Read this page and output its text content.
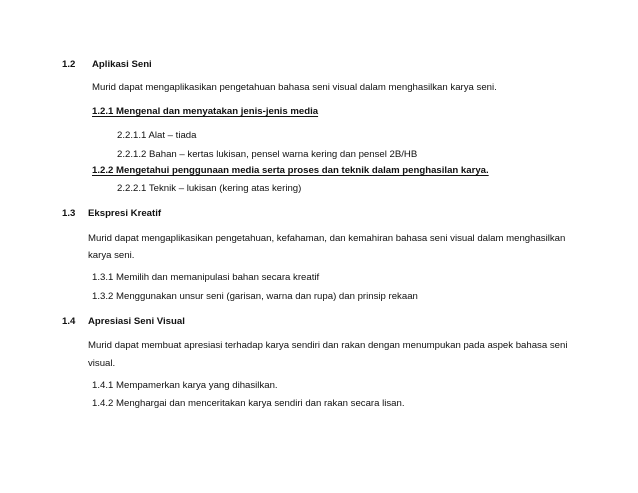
1.2 Aplikasi Seni
Murid dapat mengaplikasikan pengetahuan bahasa seni visual dalam menghasilkan karya seni.
1.2.1 Mengenal dan menyatakan jenis-jenis media
2.2.1.1 Alat – tiada
2.2.1.2 Bahan – kertas lukisan, pensel warna kering dan pensel 2B/HB
1.2.2 Mengetahui penggunaan media serta proses dan teknik dalam penghasilan karya.
2.2.2.1 Teknik – lukisan (kering atas kering)
1.3 Ekspresi Kreatif
Murid dapat mengaplikasikan pengetahuan, kefahaman, dan kemahiran bahasa seni visual dalam menghasilkan
karya seni.
1.3.1 Memilih dan memanipulasi bahan secara kreatif
1.3.2 Menggunakan unsur seni (garisan, warna dan rupa) dan prinsip rekaan
1.4 Apresiasi Seni Visual
Murid dapat membuat apresiasi terhadap karya sendiri dan rakan dengan menumpukan pada aspek bahasa seni
visual.
1.4.1 Mempamerkan karya yang dihasilkan.
1.4.2 Menghargai dan menceritakan karya sendiri dan rakan secara lisan.
